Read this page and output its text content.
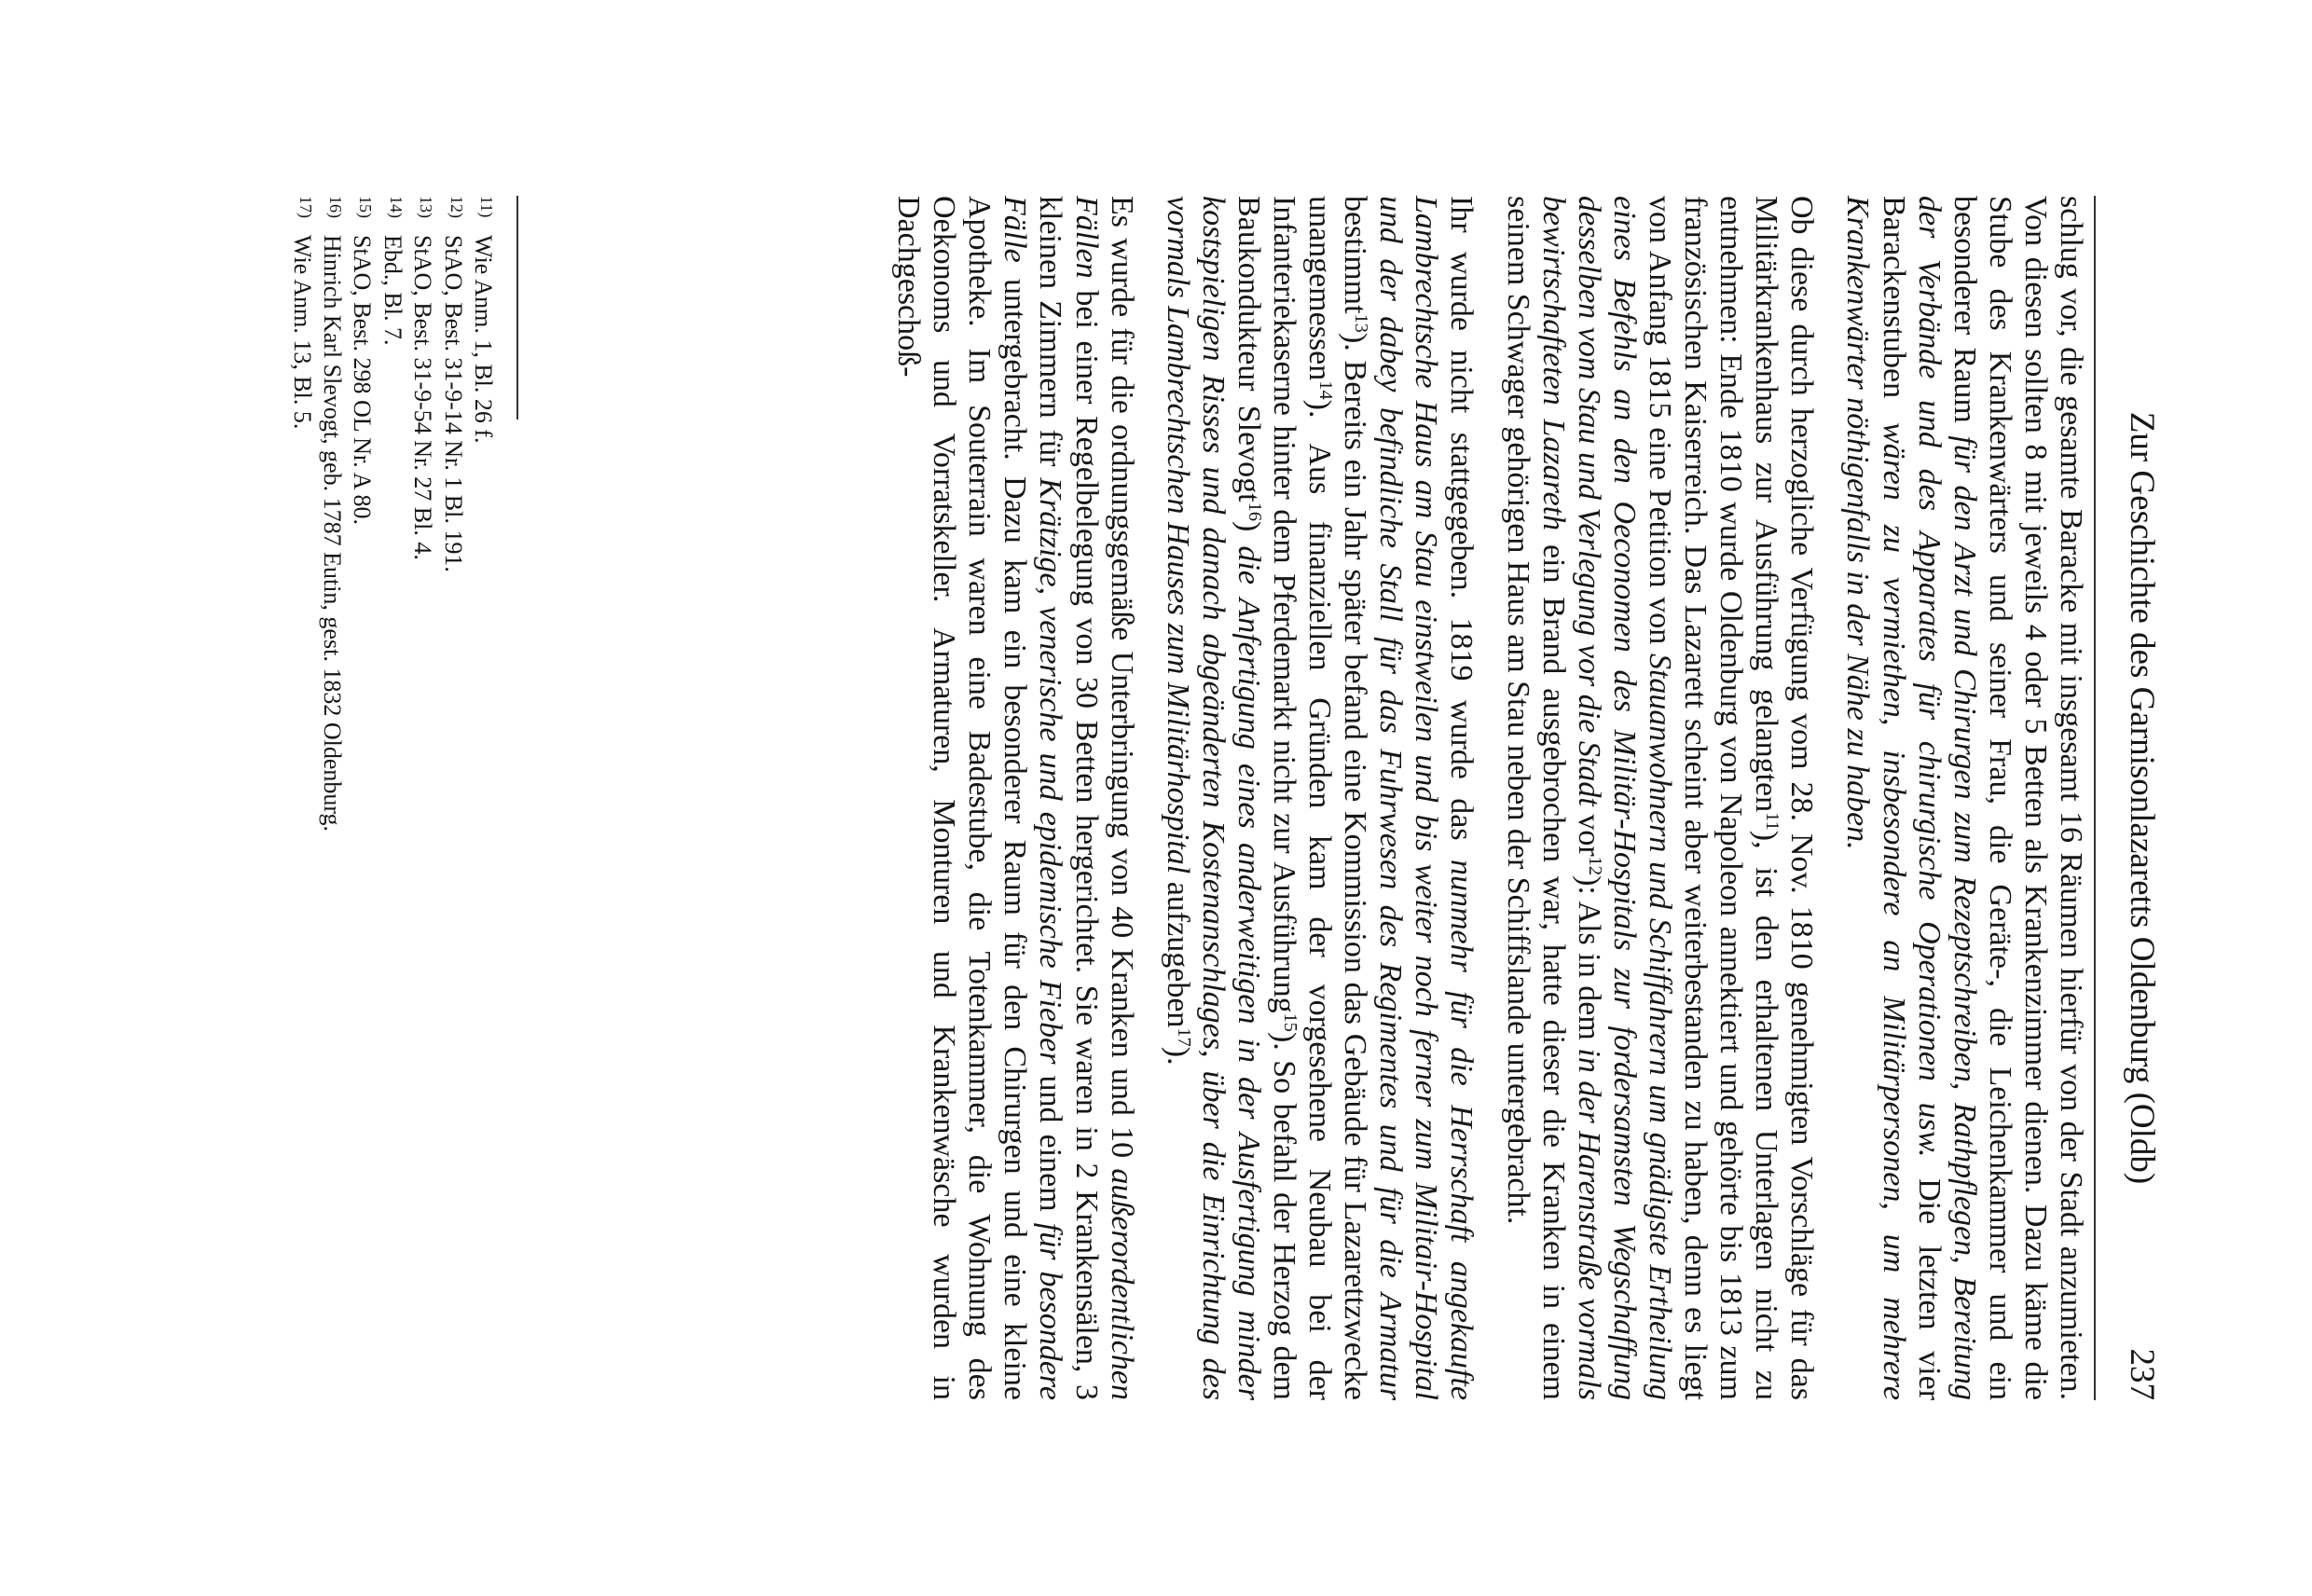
Zur Geschichte des Garnisonlazaretts Oldenburg (Oldb)
237

schlug vor, die gesamte Baracke mit insgesamt 16 Räumen hierfür von der Stadt anzumieten. Von diesen sollten 8 mit jeweils 4 oder 5 Betten als Krankenzimmer dienen. Dazu käme die Stube des Krankenwärters und seiner Frau, die Geräte-, die Leichenkammer und ein besonderer Raum für den Arzt und Chirurgen zum Rezeptschreiben, Rathpflegen, Bereitung der Verbände und des Apparates für chirurgische Operationen usw. Die letzten vier Barackenstuben wären zu vermiethen, insbesondere an Militärpersonen, um mehrere Krankenwärter nöthigenfalls in der Nähe zu haben.

Ob diese durch herzogliche Verfügung vom 28. Nov. 1810 genehmigten Vorschläge für das Militärkrankenhaus zur Ausführung gelangten$^{11}$), ist den erhaltenen Unterlagen nicht zu entnehmen: Ende 1810 wurde Oldenburg von Napoleon annektiert und gehörte bis 1813 zum französischen Kaiserreich. Das Lazarett scheint aber weiterbestanden zu haben, denn es liegt von Anfang 1815 eine Petition von Stauanwohnern und Schiffahrern um gnädigste Ertheilung eines Befehls an den Oeconomen des Militär-Hospitals zur fordersamsten Wegschaffung desselben vom Stau und Verlegung vor die Stadt vor$^{12}$): Als in dem in der Harenstraße vormals bewirtschafteten Lazareth ein Brand ausgebrochen war, hatte dieser die Kranken in einem seinem Schwager gehörigen Haus am Stau neben der Schiffslande untergebracht.

Ihr wurde nicht stattgegeben. 1819 wurde das nunmehr für die Herrschaft angekaufte Lambrechtsche Haus am Stau einstweilen und bis weiter noch ferner zum Militair-Hospital und der dabey befindliche Stall für das Fuhrwesen des Regimentes und für die Armatur bestimmt$^{13}$). Bereits ein Jahr später befand eine Kommission das Gebäude für Lazarettzwecke unangemessen$^{14}$). Aus finanziellen Gründen kam der vorgesehene Neubau bei der Infanteriekaserne hinter dem Pferdemarkt nicht zur Ausführung$^{15}$). So befahl der Herzog dem Baukondukteur Slevogt$^{16}$) die Anfertigung eines anderweitigen in der Ausfertigung minder kostspieligen Risses und danach abgeänderten Kostenanschlages, über die Einrichtung des vormals Lambrechtschen Hauses zum Militärhospital aufzugeben$^{17}$).

Es wurde für die ordnungsgemäße Unterbringung von 40 Kranken und 10 außerordentlichen Fällen bei einer Regelbelegung von 30 Betten hergerichtet. Sie waren in 2 Krankensälen, 3 kleinen Zimmern für Krätzige, venerische und epidemische Fieber und einem für besondere Fälle untergebracht. Dazu kam ein besonderer Raum für den Chirurgen und eine kleine Apotheke. Im Souterrain waren eine Badestube, die Totenkammer, die Wohnung des Oekonoms und Vorratskeller. Armaturen, Monturen und Krankenwäsche wurden in Dachgeschoß-

11)Wie Anm. 1, Bl. 26 f.
12)StAO, Best. 31-9-14 Nr. 1 Bl. 191.
13)StAO, Best. 31-9-54 Nr. 27 Bl. 4.
14)Ebd., Bl. 7.
15)StAO, Best. 298 OL Nr. A 80.
16)Hinrich Karl Slevogt, geb. 1787 Eutin, gest. 1832 Oldenburg.
17)Wie Anm. 13, Bl. 5.
